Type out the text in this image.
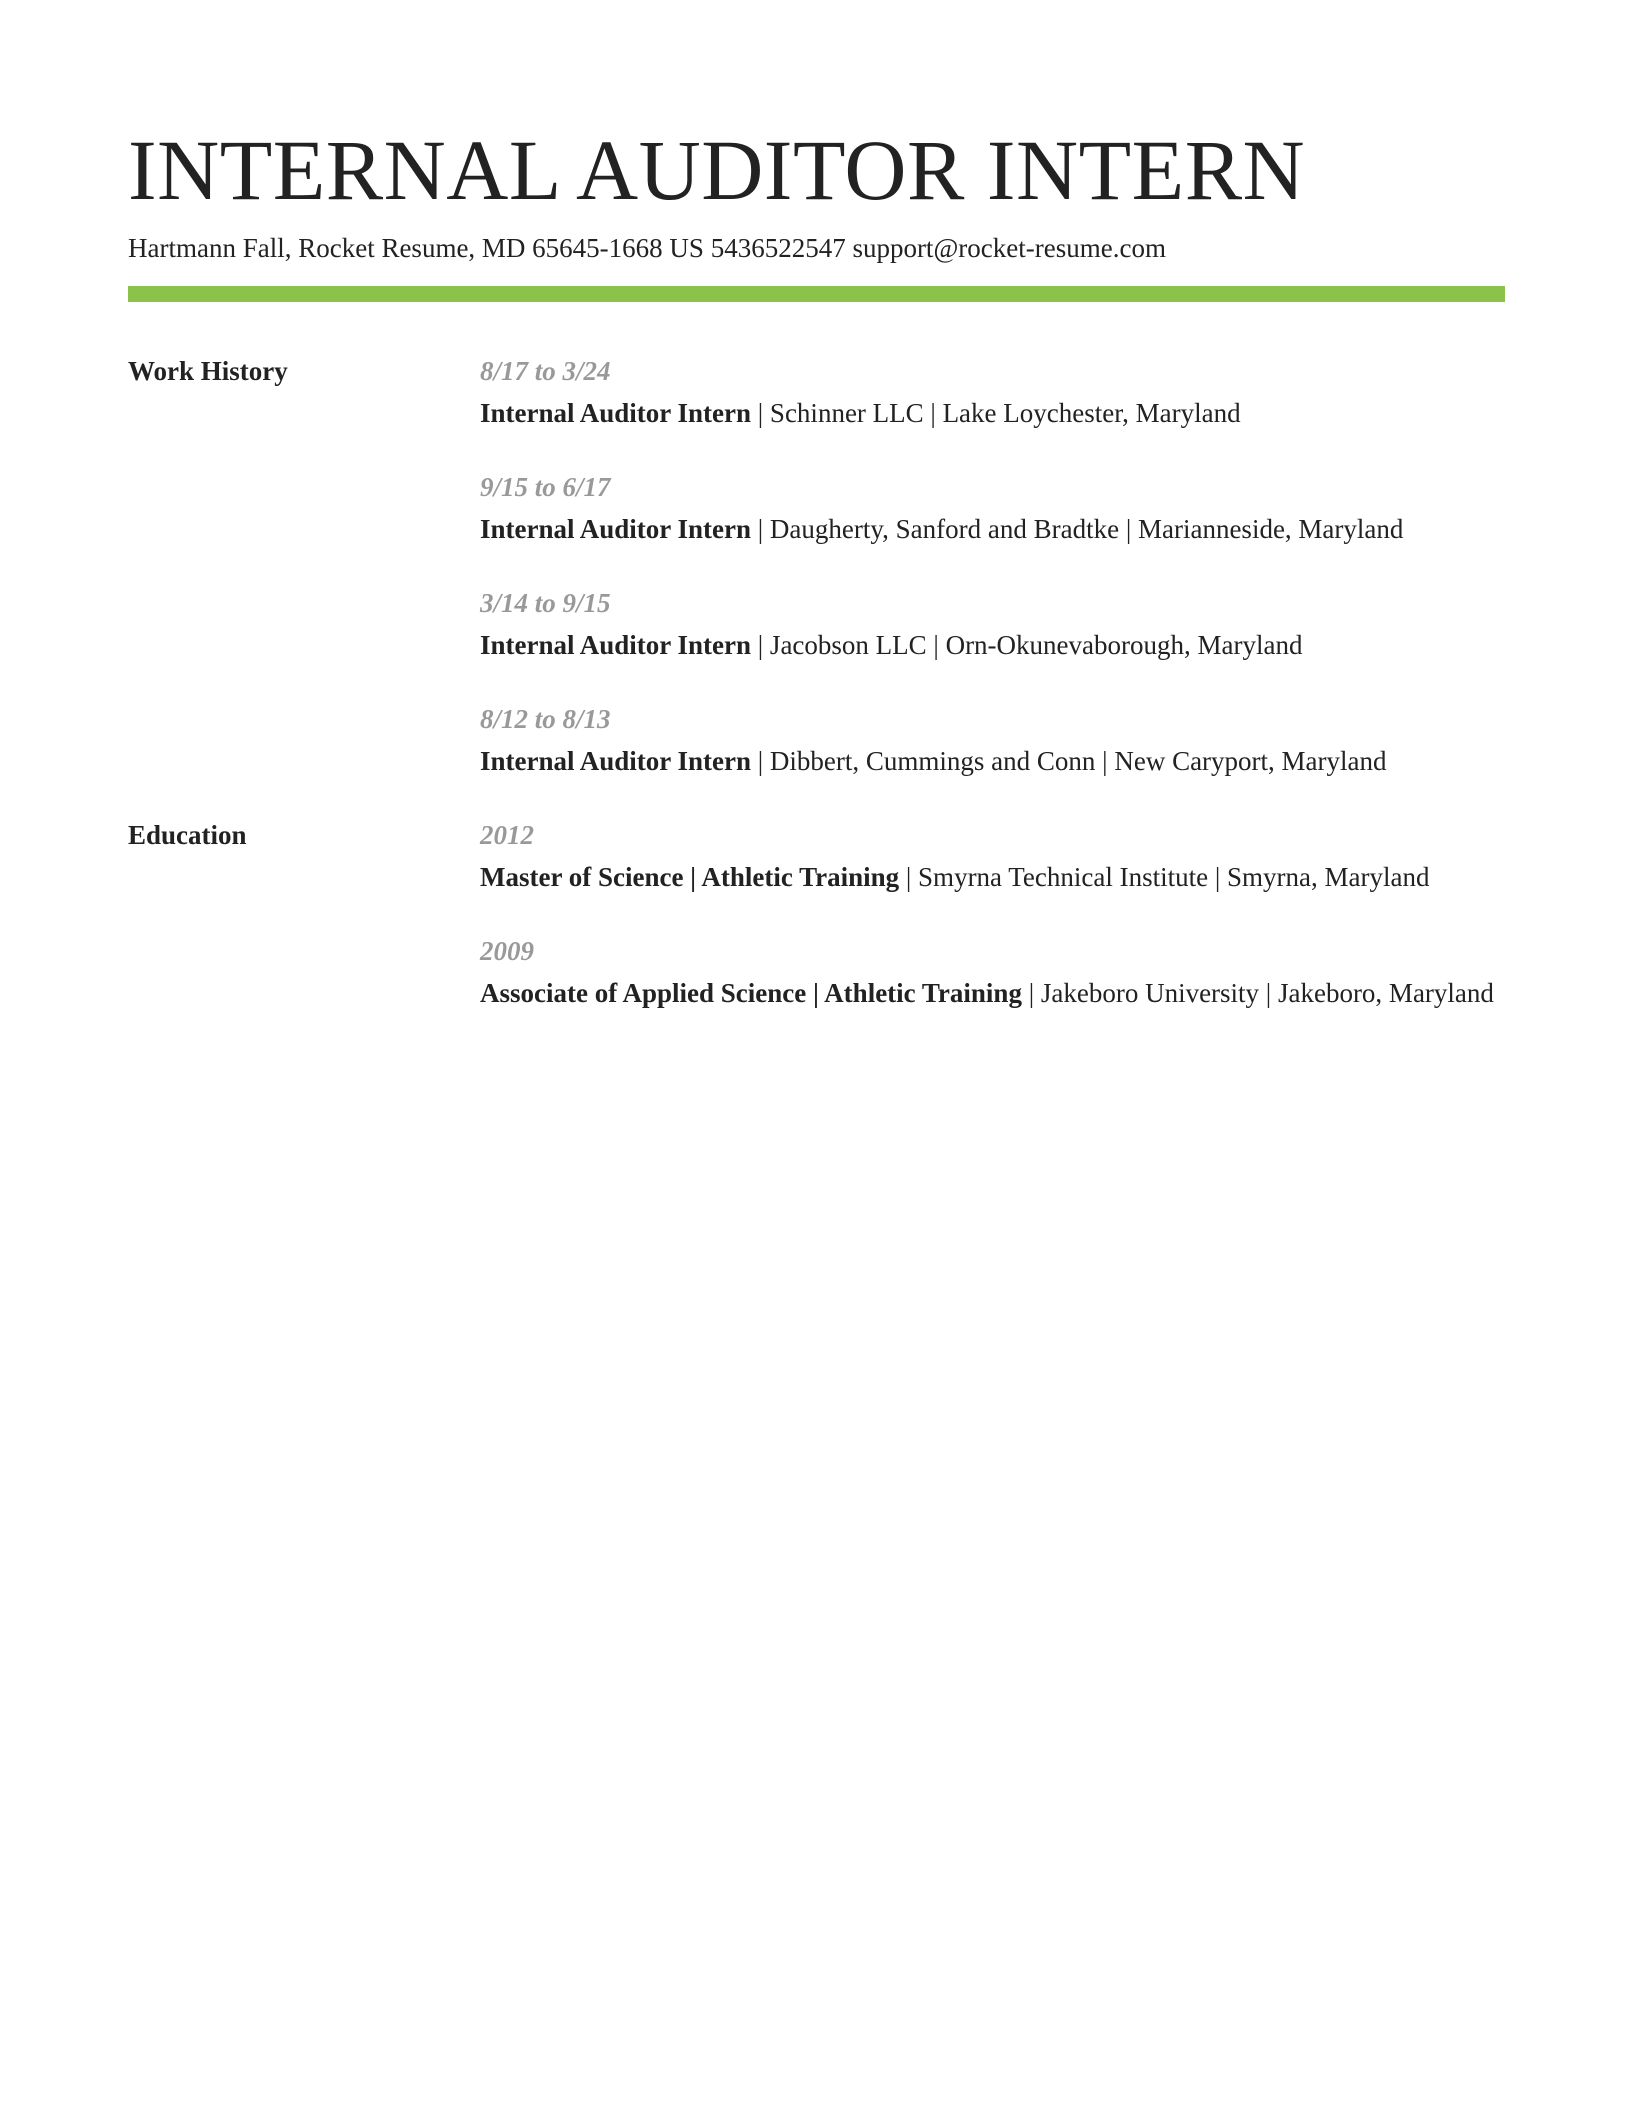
INTERNAL AUDITOR INTERN
Hartmann Fall, Rocket Resume, MD 65645-1668 US 5436522547 support@rocket-resume.com
Work History	8/17 to 3/24
Internal Auditor Intern | Schinner LLC | Lake Loychester, Maryland
9/15 to 6/17
Internal Auditor Intern | Daugherty, Sanford and Bradtke | Marianneside, Maryland
3/14 to 9/15
Internal Auditor Intern | Jacobson LLC | Orn-Okunevaborough, Maryland
8/12 to 8/13
Internal Auditor Intern | Dibbert, Cummings and Conn | New Caryport, Maryland
Education	2012
Master of Science | Athletic Training | Smyrna Technical Institute | Smyrna, Maryland
2009
Associate of Applied Science | Athletic Training | Jakeboro University | Jakeboro, Maryland
